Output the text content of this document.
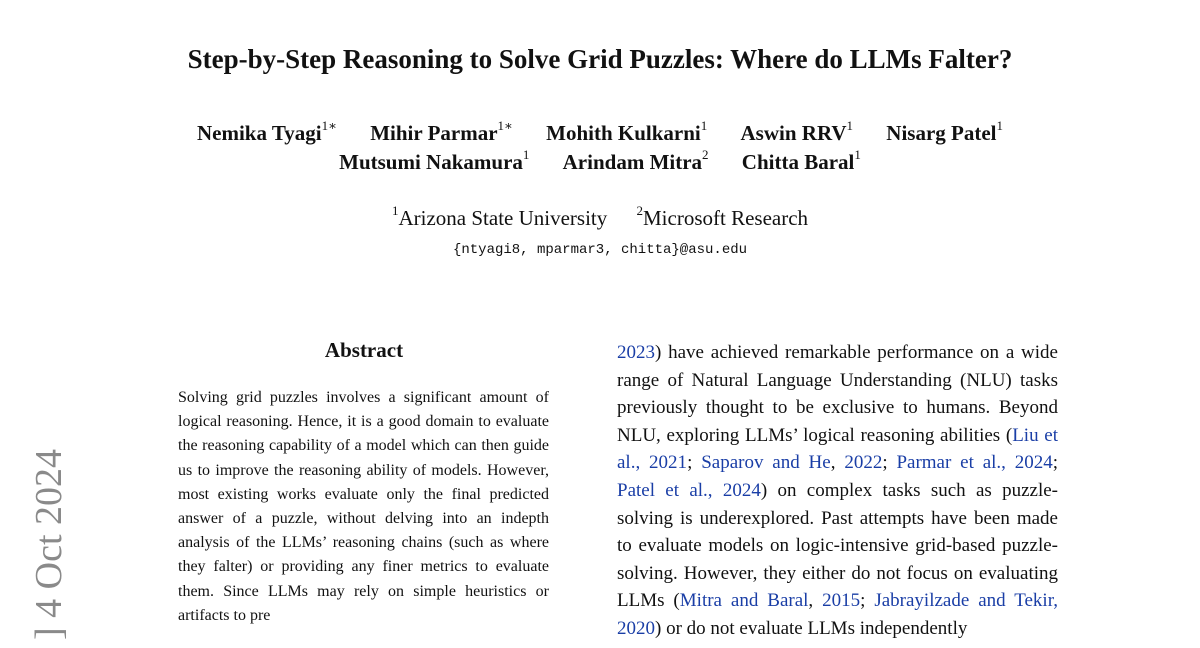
Step-by-Step Reasoning to Solve Grid Puzzles: Where do LLMs Falter?
Nemika Tyagi$^{1∗}$ Mihir Parmar$^{1∗}$ Mohith Kulkarni$^1$ Aswin RRV$^1$ Nisarg Patel$^1$
Mutsumi Nakamura$^1$ Arindam Mitra$^2$ Chitta Baral$^1$
$^1$Arizona State University $^2$Microsoft Research
{ntyagi8, mparmar3, chitta}@asu.edu
Abstract
Solving grid puzzles involves a significant amount of logical reasoning. Hence, it is a good domain to evaluate the reasoning capability of a model which can then guide us to improve the reasoning ability of models. However, most existing works evaluate only the final predicted answer of a puzzle, without delving into an indepth analysis of the LLMs’ reasoning chains (such as where they falter) or providing any finer metrics to evaluate them. Since LLMs may rely on simple heuristics or artifacts to pre
2023) have achieved remarkable performance on a wide range of Natural Language Understanding (NLU) tasks previously thought to be exclusive to humans. Beyond NLU, exploring LLMs’ logical reasoning abilities (Liu et al., 2021; Saparov and He, 2022; Parmar et al., 2024; Patel et al., 2024) on complex tasks such as puzzle-solving is underexplored. Past attempts have been made to evaluate models on logic-intensive grid-based puzzle-solving. However, they either do not focus on evaluating LLMs (Mitra and Baral, 2015; Jabrayilzade and Tekir, 2020) or do not evaluate LLMs independently
] 4 Oct 2024
